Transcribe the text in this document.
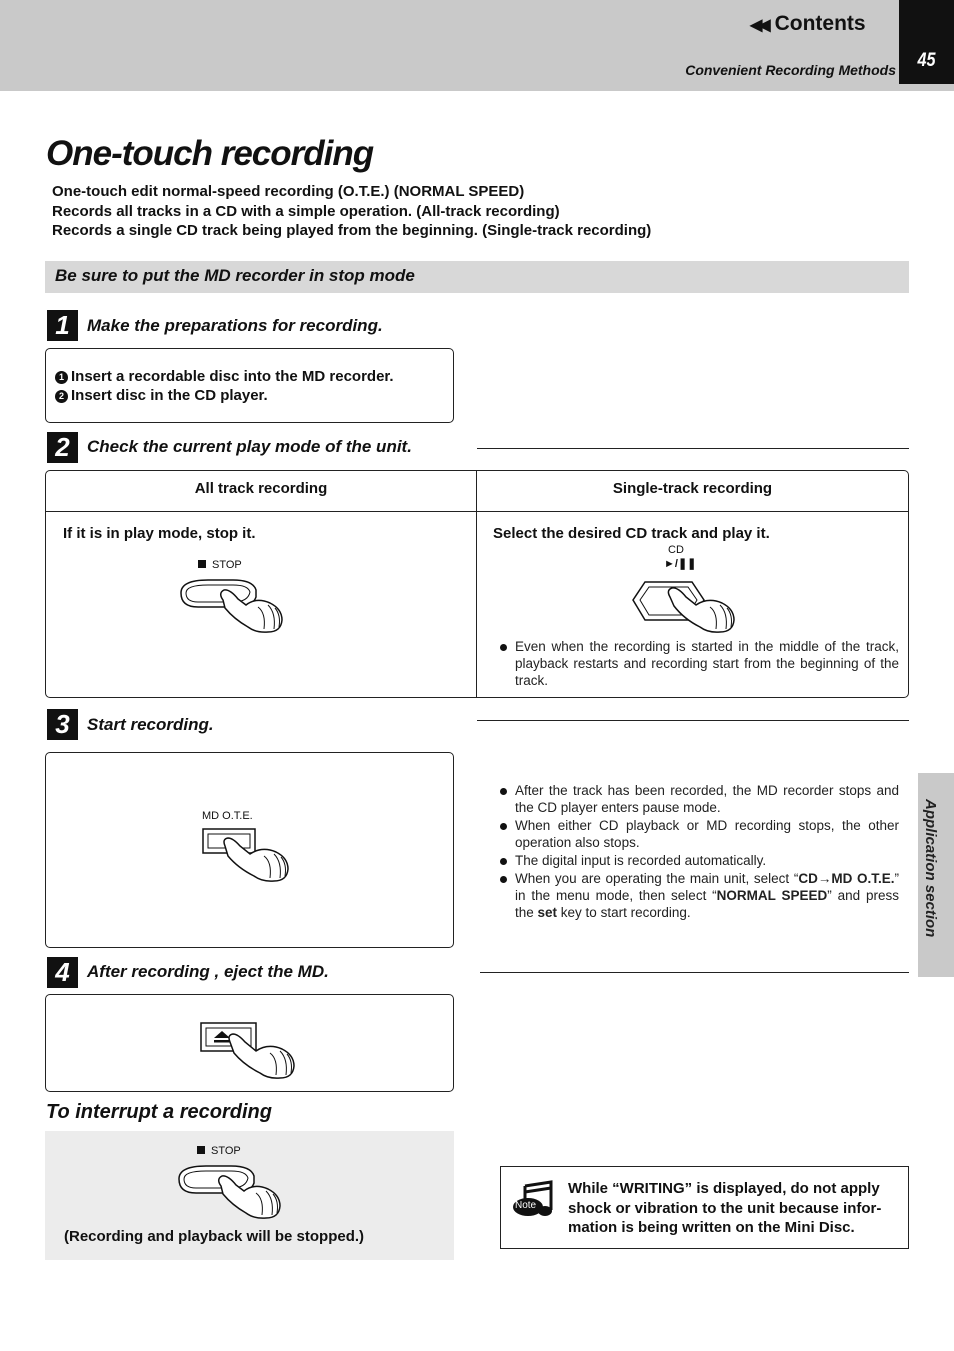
◀◀ Contents
Convenient Recording Methods	45
One-touch recording
One-touch edit normal-speed recording (O.T.E.) (NORMAL SPEED)
Records all tracks in a CD with a simple operation. (All-track recording)
Records a single CD track being played from the beginning. (Single-track recording)
Be sure to put the MD recorder in stop mode
1	Make the preparations for recording.
1 Insert a recordable disc into the MD recorder.
2 Insert disc in the CD player.
2	Check the current play mode of the unit.
All track recording	Single-track recording
If it is in play mode, stop it.	Select the desired CD track and play it.
STOP
CD
►/❚❚
Even when the recording is started in the middle of the track, playback restarts and recording start from the beginning of the track.
3	Start recording.
MD O.T.E.
After the track has been recorded, the MD recorder stops and the CD player enters pause mode.
When either CD playback or MD recording stops, the other operation also stops.
The digital input is recorded automatically.
When you are operating the main unit, select “CD→MD O.T.E.” in the menu mode, then select “NORMAL SPEED” and press the set key to start recording.	Application section
4	After recording , eject the MD.
To interrupt a recording
STOP
(Recording and playback will be stopped.)
Note
While “WRITING” is displayed, do not apply shock or vibration to the unit because infor-mation is being written on the Mini Disc.
